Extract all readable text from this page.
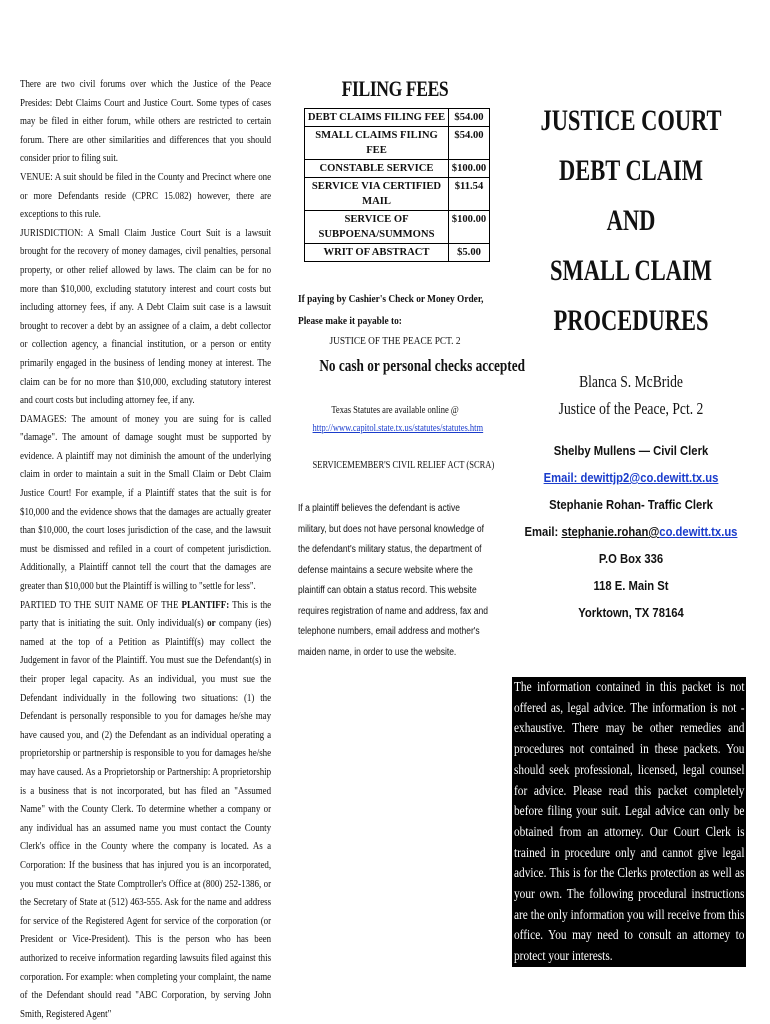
There are two civil forums over which the Justice of the Peace Presides: Debt Claims Court and Justice Court. Some types of cases may be filed in either forum, while others are restricted to certain forum. There are other similarities and differences that you should consider prior to filing suit.

VENUE: A suit should be filed in the County and Precinct where one or more Defendants reside (CPRC 15.082) however, there are exceptions to this rule.

JURISDICTION: A Small Claim Justice Court Suit is a lawsuit brought for the recovery of money damages, civil penalties, personal property, or other relief allowed by laws. The claim can be for no more than $10,000, excluding statutory interest and court costs but including attorney fees, if any. A Debt Claim suit case is a lawsuit brought to recover a debt by an assignee of a claim, a debt collector or collection agency, a financial institution, or a person or entity primarily engaged in the business of lending money at interest. The claim can be for no more than $10,000, excluding statutory interest and court costs but including attorney fee, if any.

DAMAGES: The amount of money you are suing for is called "damage". The amount of damage sought must be supported by evidence. A plaintiff may not diminish the amount of the underlying claim in order to maintain a suit in the Small Claim or Debt Claim Justice Court! For example, if a Plaintiff states that the suit is for $10,000 and the evidence shows that the damages are actually greater than $10,000, the court loses jurisdiction of the case, and the lawsuit must be dismissed and refiled in a court of competent jurisdiction. Additionally, a Plaintiff cannot tell the court that the damages are greater than $10,000 but the Plaintiff is willing to "settle for less".

PARTIED TO THE SUIT NAME OF THE PLANTIFF: This is the party that is initiating the suit. Only individual(s) or company (ies) named at the top of a Petition as Plaintiff(s) may collect the Judgement in favor of the Plaintiff. You must sue the Defendant(s) in their proper legal capacity. As an individual, you must sue the Defendant individually in the following two situations: (1) the Defendant is personally responsible to you for damages he/she may have caused you, and (2) the Defendant as an individual operating a proprietorship or partnership is responsible to you for damages he/she may have caused. As a Proprietorship or Partnership: A proprietorship is a business that is not incorporated, but has filed an "Assumed Name" with the County Clerk. To determine whether a company or any individual has an assumed name you must contact the County Clerk's office in the County where the company is located. As a Corporation: If the business that has injured you is an incorporated, you must contact the State Comptroller's Office at (800) 252-1386, or the Secretary of State at (512) 463-555. Ask for the name and address for service of the Registered Agent for service of the corporation (or President or Vice-President). This is the person who has been authorized to receive information regarding lawsuits filed against this corporation. For example: when completing your complaint, the name of the Defendant should read "ABC Corporation, by serving John Smith, Registered Agent"

FILING FEES
DEBT CLAIMS FILING FEE	$54.00
SMALL CLAIMS FILING FEE	$54.00
CONSTABLE SERVICE	$100.00
SERVICE VIA CERTIFIED MAIL	$11.54
SERVICE OF SUBPOENA/SUMMONS	$100.00
WRIT OF ABSTRACT	$5.00
If paying by Cashier's Check or Money Order, Please make it payable to:
JUSTICE OF THE PEACE PCT. 2
No cash or personal checks accepted
Texas Statutes are available online @
http://www.capitol.state.tx.us/statutes/statutes.htm
SERVICEMEMBER'S CIVIL RELIEF ACT (SCRA)
If a plaintiff believes the defendant is active military, but does not have personal knowledge of the defendant's military status, the department of defense maintains a secure website where the plaintiff can obtain a status record. This website requires registration of name and address, fax and telephone numbers, email address and mother's maiden name, in order to use the website.
JUSTICE COURT
DEBT CLAIM
AND
SMALL CLAIM
PROCEDURES
Blanca S. McBride
Justice of the Peace, Pct. 2
Shelby Mullens — Civil Clerk
Email: dewittjp2@co.dewitt.tx.us
Stephanie Rohan- Traffic Clerk
Email: stephanie.rohan@co.dewitt.tx.us
P.O Box 336
118 E. Main St
Yorktown, TX 78164
The information contained in this packet is not offered as, legal advice. The information is not -exhaustive. There may be other remedies and procedures not contained in these packets. You should seek professional, licensed, legal counsel for advice. Please read this packet completely before filing your suit. Legal advice can only be obtained from an attorney. Our Court Clerk is trained in procedure only and cannot give legal advice. This is for the Clerks protection as well as your own. The following procedural instructions are the only information you will receive from this office. You may need to consult an attorney to protect your interests.
